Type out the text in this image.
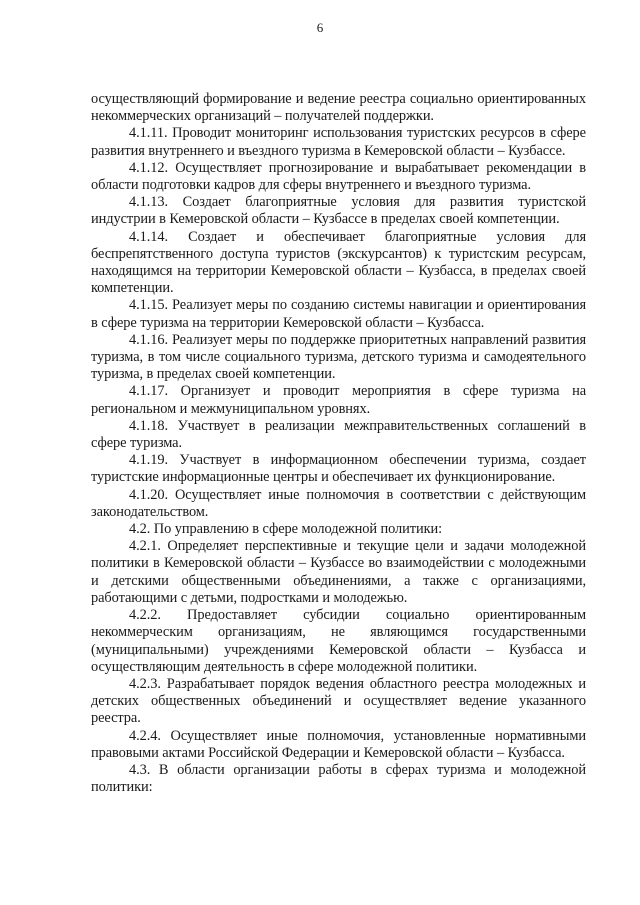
6

осуществляющий формирование и ведение реестра социально ориентированных некоммерческих организаций – получателей поддержки.

4.1.11. Проводит мониторинг использования туристских ресурсов в сфере развития внутреннего и въездного туризма в Кемеровской области – Кузбассе.

4.1.12. Осуществляет прогнозирование и вырабатывает рекомендации в области подготовки кадров для сферы внутреннего и въездного туризма.

4.1.13. Создает благоприятные условия для развития туристской индустрии в Кемеровской области – Кузбассе в пределах своей компетенции.

4.1.14. Создает и обеспечивает благоприятные условия для беспрепятственного доступа туристов (экскурсантов) к туристским ресурсам, находящимся на территории Кемеровской области – Кузбасса, в пределах своей компетенции.

4.1.15. Реализует меры по созданию системы навигации и ориентирования в сфере туризма на территории Кемеровской области – Кузбасса.

4.1.16. Реализует меры по поддержке приоритетных направлений развития туризма, в том числе социального туризма, детского туризма и самодеятельного туризма, в пределах своей компетенции.

4.1.17. Организует и проводит мероприятия в сфере туризма на региональном и межмуниципальном уровнях.

4.1.18. Участвует в реализации межправительственных соглашений в сфере туризма.

4.1.19. Участвует в информационном обеспечении туризма, создает туристские информационные центры и обеспечивает их функционирование.

4.1.20. Осуществляет иные полномочия в соответствии с действующим законодательством.

4.2. По управлению в сфере молодежной политики:

4.2.1. Определяет перспективные и текущие цели и задачи молодежной политики в Кемеровской области – Кузбассе во взаимодействии с молодежными и детскими общественными объединениями, а также с организациями, работающими с детьми, подростками и молодежью.

4.2.2. Предоставляет субсидии социально ориентированным некоммерческим организациям, не являющимся государственными (муниципальными) учреждениями Кемеровской области – Кузбасса и осуществляющим деятельность в сфере молодежной политики.

4.2.3. Разрабатывает порядок ведения областного реестра молодежных и детских общественных объединений и осуществляет ведение указанного реестра.

4.2.4. Осуществляет иные полномочия, установленные нормативными правовыми актами Российской Федерации и Кемеровской области – Кузбасса.

4.3. В области организации работы в сферах туризма и молодежной политики:
